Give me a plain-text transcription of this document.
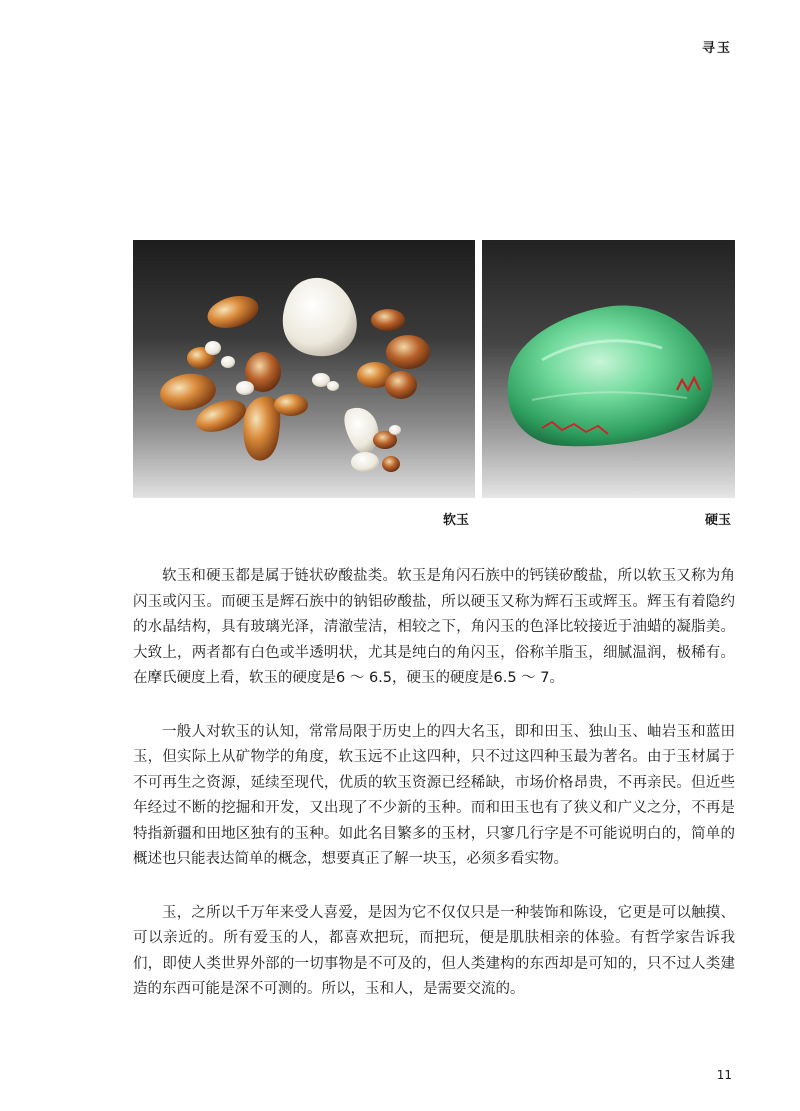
寻玉
软玉	硬玉

软玉和硬玉都是属于链状矽酸盐类。软玉是角闪石族中的钙镁矽酸盐，所以软玉又称为角闪玉或闪玉。而硬玉是辉石族中的钠铝矽酸盐，所以硬玉又称为辉石玉或辉玉。辉玉有着隐约的水晶结构，具有玻璃光泽，清澈莹洁，相较之下，角闪玉的色泽比较接近于油蜡的凝脂美。大致上，两者都有白色或半透明状，尤其是纯白的角闪玉，俗称羊脂玉，细腻温润，极稀有。在摩氏硬度上看，软玉的硬度是6 ～ 6.5，硬玉的硬度是6.5 ～ 7。

一般人对软玉的认知，常常局限于历史上的四大名玉，即和田玉、独山玉、岫岩玉和蓝田玉，但实际上从矿物学的角度，软玉远不止这四种，只不过这四种玉最为著名。由于玉材属于不可再生之资源，延续至现代，优质的软玉资源已经稀缺，市场价格昂贵，不再亲民。但近些年经过不断的挖掘和开发，又出现了不少新的玉种。而和田玉也有了狭义和广义之分，不再是特指新疆和田地区独有的玉种。如此名目繁多的玉材，只寥几行字是不可能说明白的，简单的概述也只能表达简单的概念，想要真正了解一块玉，必须多看实物。

玉，之所以千万年来受人喜爱，是因为它不仅仅只是一种装饰和陈设，它更是可以触摸、可以亲近的。所有爱玉的人，都喜欢把玩，而把玩，便是肌肤相亲的体验。有哲学家告诉我们，即使人类世界外部的一切事物是不可及的，但人类建构的东西却是可知的，只不过人类建造的东西可能是深不可测的。所以，玉和人，是需要交流的。

11
